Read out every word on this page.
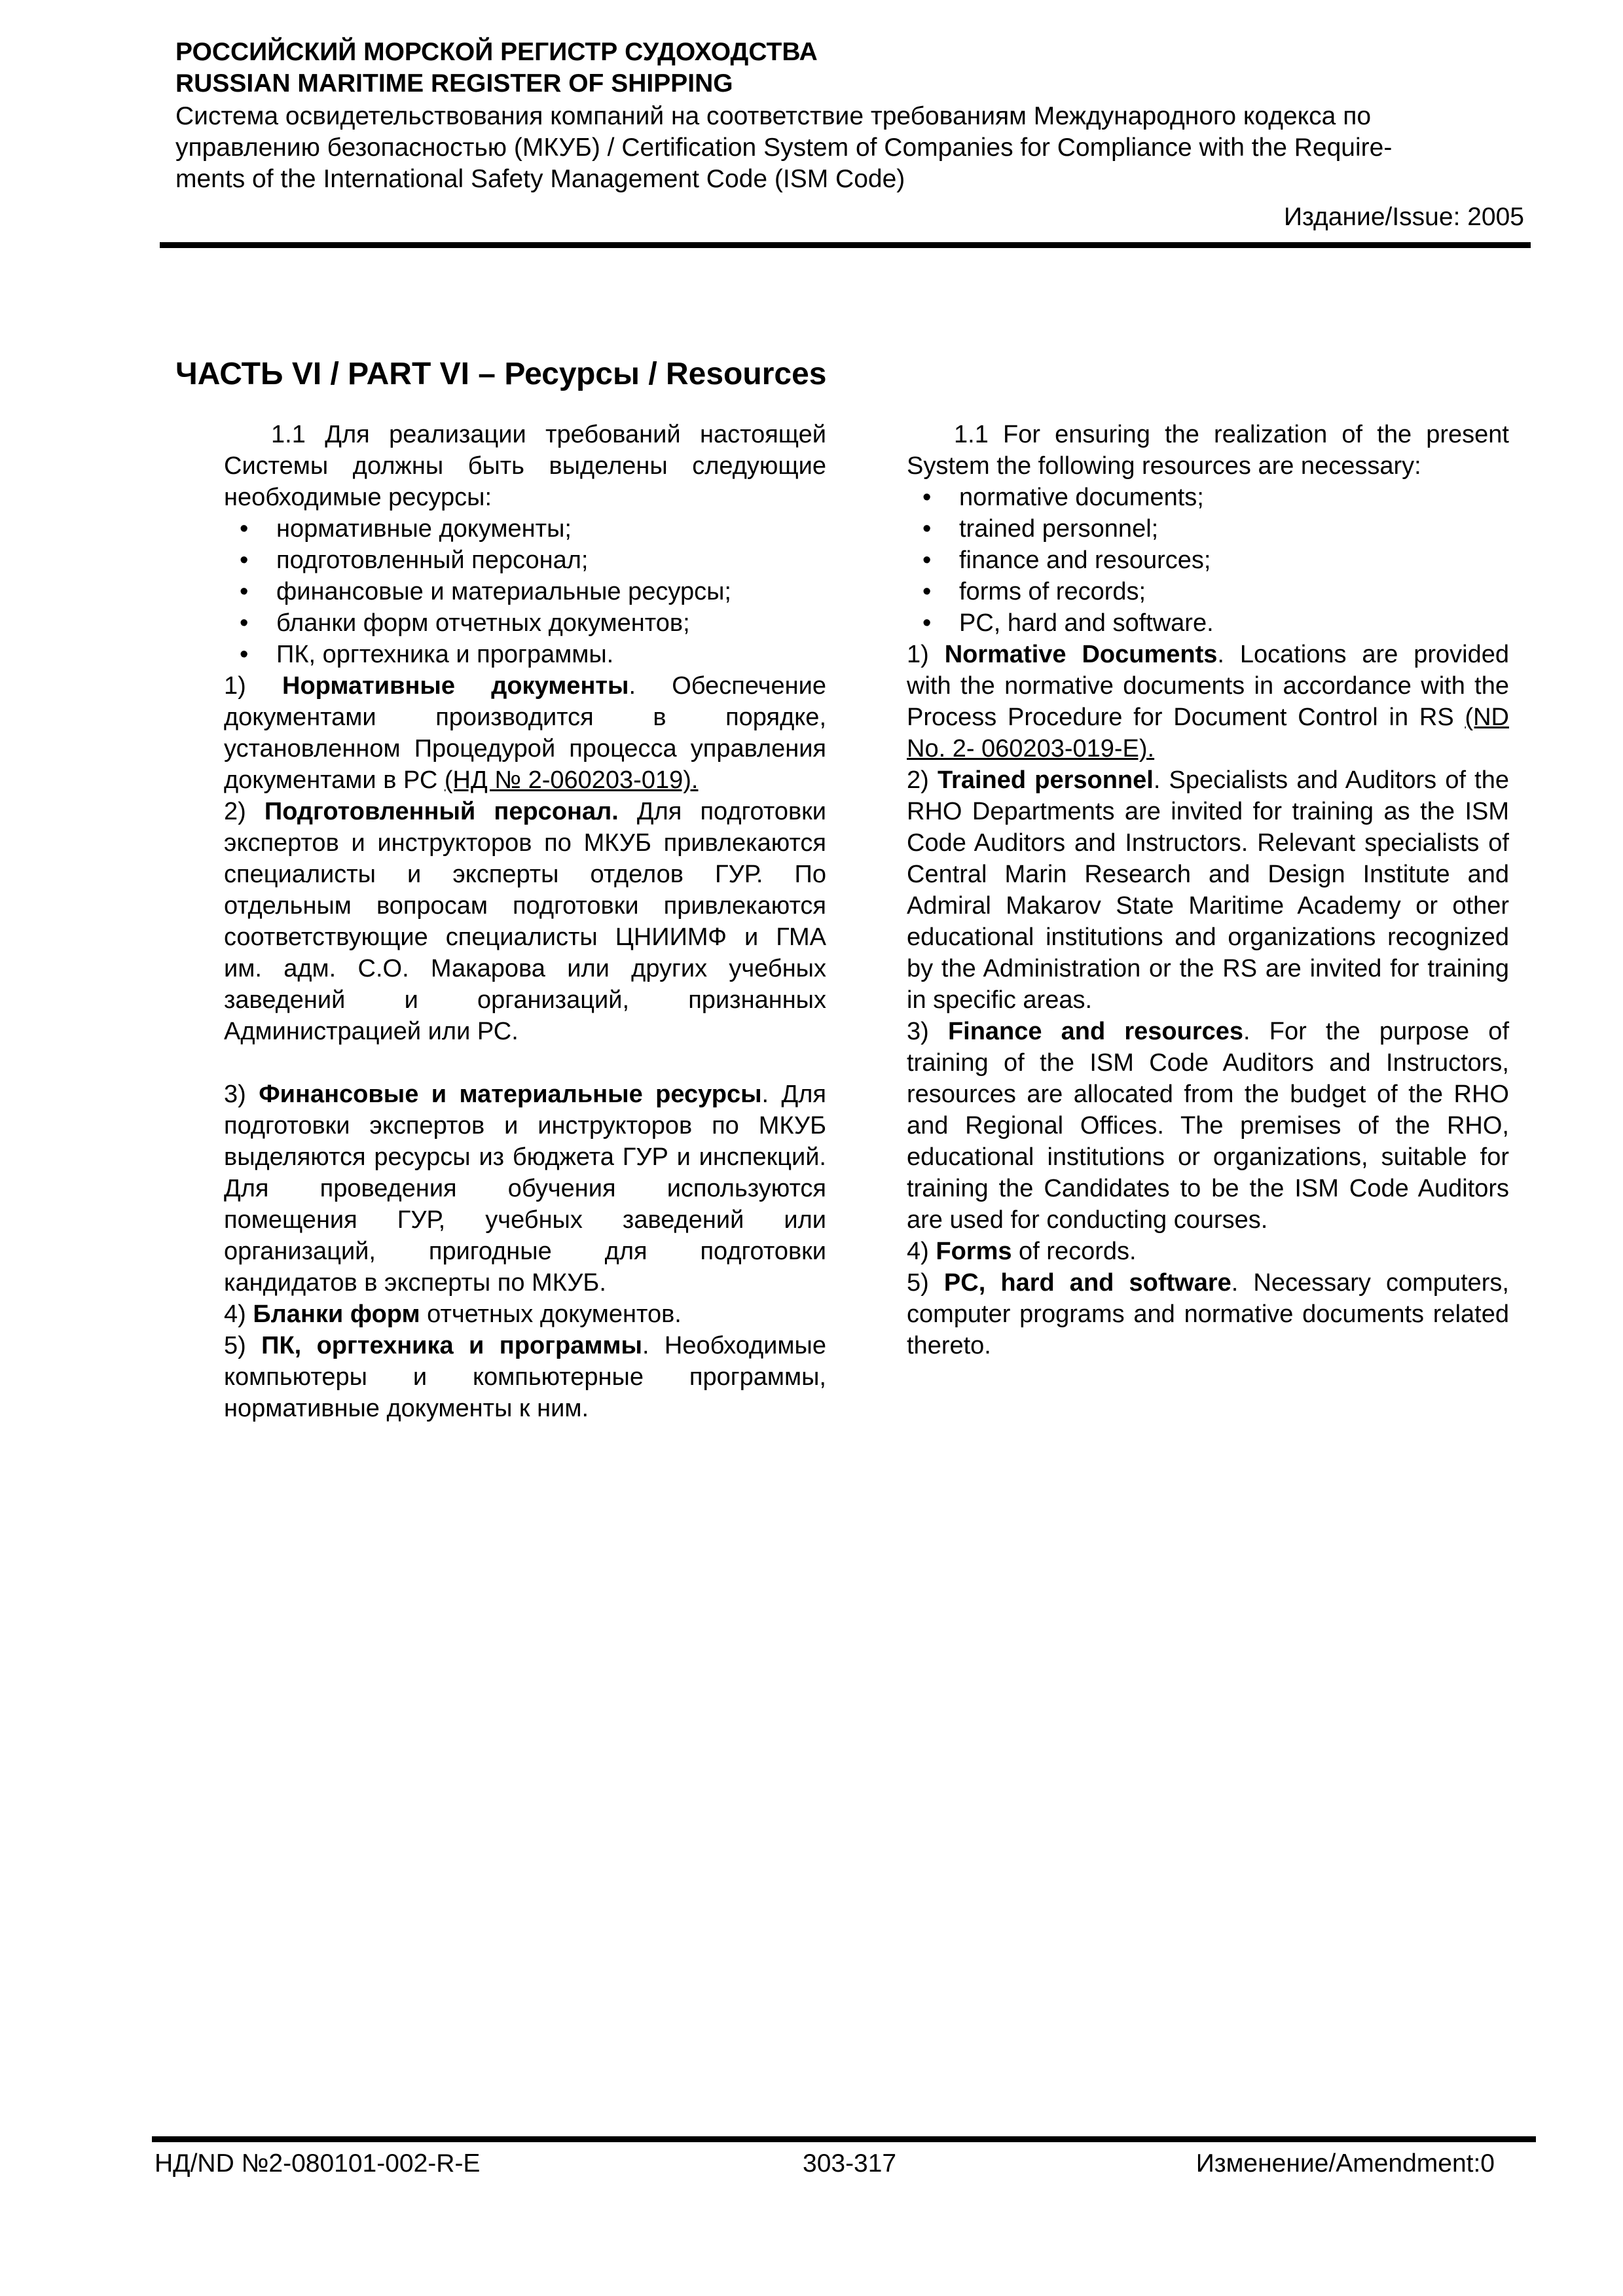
РОССИЙСКИЙ МОРСКОЙ РЕГИСТР СУДОХОДСТВА
RUSSIAN MARITIME REGISTER OF SHIPPING
Система освидетельствования компаний на соответствие требованиям Международного кодекса по
управлению безопасностью (МКУБ) / Certification System of Companies for Compliance with the Require-
ments of the International Safety Management Code (ISM Code)
Издание/Issue: 2005
ЧАСТЬ VI / PART VI – Ресурсы / Resources

1.1 Для реализации требований настоящей Системы должны быть выделены следующие необходимые ресурсы:

• нормативные документы;
• подготовленный персонал;
• финансовые и материальные ресурсы;
• бланки форм отчетных документов;
• ПК, оргтехника и программы.

1) Нормативные документы. Обеспечение документами производится в порядке, установленном Процедурой процесса управления документами в РС (НД № 2-060203-019).

2) Подготовленный персонал. Для подготовки экспертов и инструкторов по МКУБ привлекаются специалисты и эксперты отделов ГУР. По отдельным вопросам подготовки привлекаются соответствующие специалисты ЦНИИМФ и ГМА им. адм. С.О. Макарова или других учебных заведений и организаций, признанных Администрацией или РС.

3) Финансовые и материальные ресурсы. Для подготовки экспертов и инструкторов по МКУБ выделяются ресурсы из бюджета ГУР и инспекций. Для проведения обучения используются помещения ГУР, учебных заведений или организаций, пригодные для подготовки кандидатов в эксперты по МКУБ.

4) Бланки форм отчетных документов.

5) ПК, оргтехника и программы. Необходимые компьютеры и компьютерные программы, нормативные документы к ним.

1.1 For ensuring the realization of the present System the following resources are necessary:

• normative documents;
• trained personnel;
• finance and resources;
• forms of records;
• PC, hard and software.

1) Normative Documents. Locations are provided with the normative documents in accordance with the Process Procedure for Document Control in RS (ND No. 2- 060203-019-E).

2) Trained personnel. Specialists and Auditors of the RHO Departments are invited for training as the ISM Code Auditors and Instructors. Relevant specialists of Central Marin Research and Design Institute and Admiral Makarov State Maritime Academy or other educational institutions and organizations recognized by the Administration or the RS are invited for training in specific areas.

3) Finance and resources. For the purpose of training of the ISM Code Auditors and Instructors, resources are allocated from the budget of the RHO and Regional Offices. The premises of the RHO, educational institutions or organizations, suitable for training the Candidates to be the ISM Code Auditors are used for conducting courses.

4) Forms of records.

5) PC, hard and software. Necessary computers, computer programs and normative documents related thereto.

НД/ND №2-080101-002-R-E	303-317	Изменение/Amendment:0
